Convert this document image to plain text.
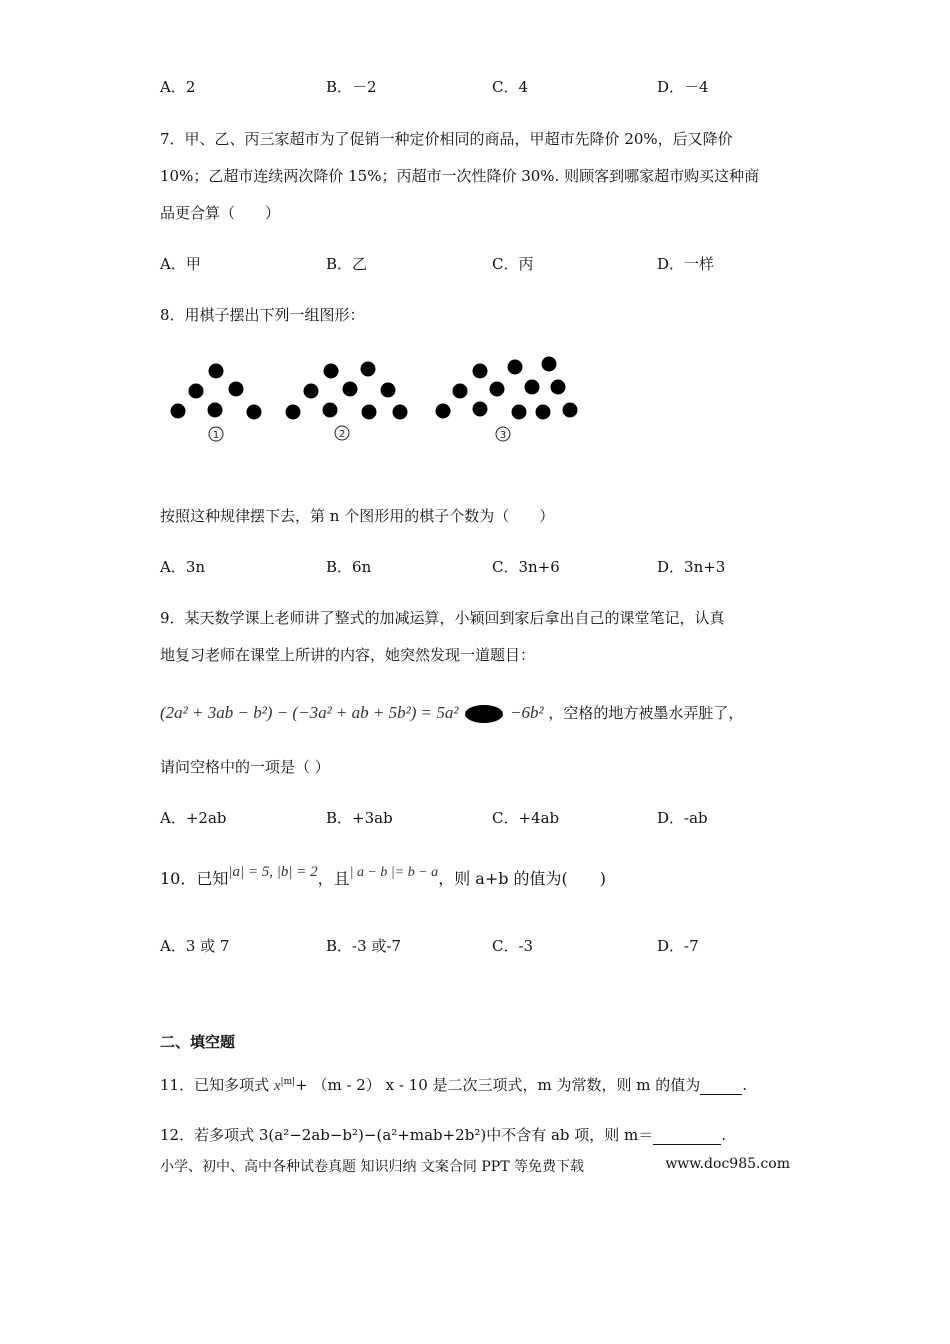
A．2	B．－2	C．4	D．－4
7．甲、乙、丙三家超市为了促销一种定价相同的商品，甲超市先降价 20%，后又降价
10%；乙超市连续两次降价 15%；丙超市一次性降价 30%. 则顾客到哪家超市购买这种商
品更合算（　　）
A．甲	B．乙	C．丙	D．一样
8．用棋子摆出下列一组图形：
1	2	3
按照这种规律摆下去，第 n 个图形用的棋子个数为（　　）
A．3n	B．6n	C．3n+6	D．3n+3
9．某天数学课上老师讲了整式的加减运算，小颖回到家后拿出自己的课堂笔记，认真
地复习老师在课堂上所讲的内容，她突然发现一道题目：
(2a² + 3ab − b²) − (−3a² + ab + 5b²) = 5a²	−6b² ，空格的地方被墨水弄脏了，
请问空格中的一项是（ ）
A．+2ab	B．+3ab	C．+4ab	D．-ab
10．已知|a| = 5, |b| = 2，且| a − b |= b − a，则 a+b 的值为(　　)
A．3 或 7	B．-3 或-7	C．-3	D．-7
二、填空题
11．已知多项式 $x^{|m|}+ (m - 2)$ x - 10 是二次三项式，m 为常数，则 m 的值为	.
12．若多项式 3(a²−2ab−b²)−(a²+mab+2b²)中不含有 ab 项，则 m＝	.
小学、初中、高中各种试卷真题 知识归纳 文案合同 PPT 等免费下载	www.doc985.com
